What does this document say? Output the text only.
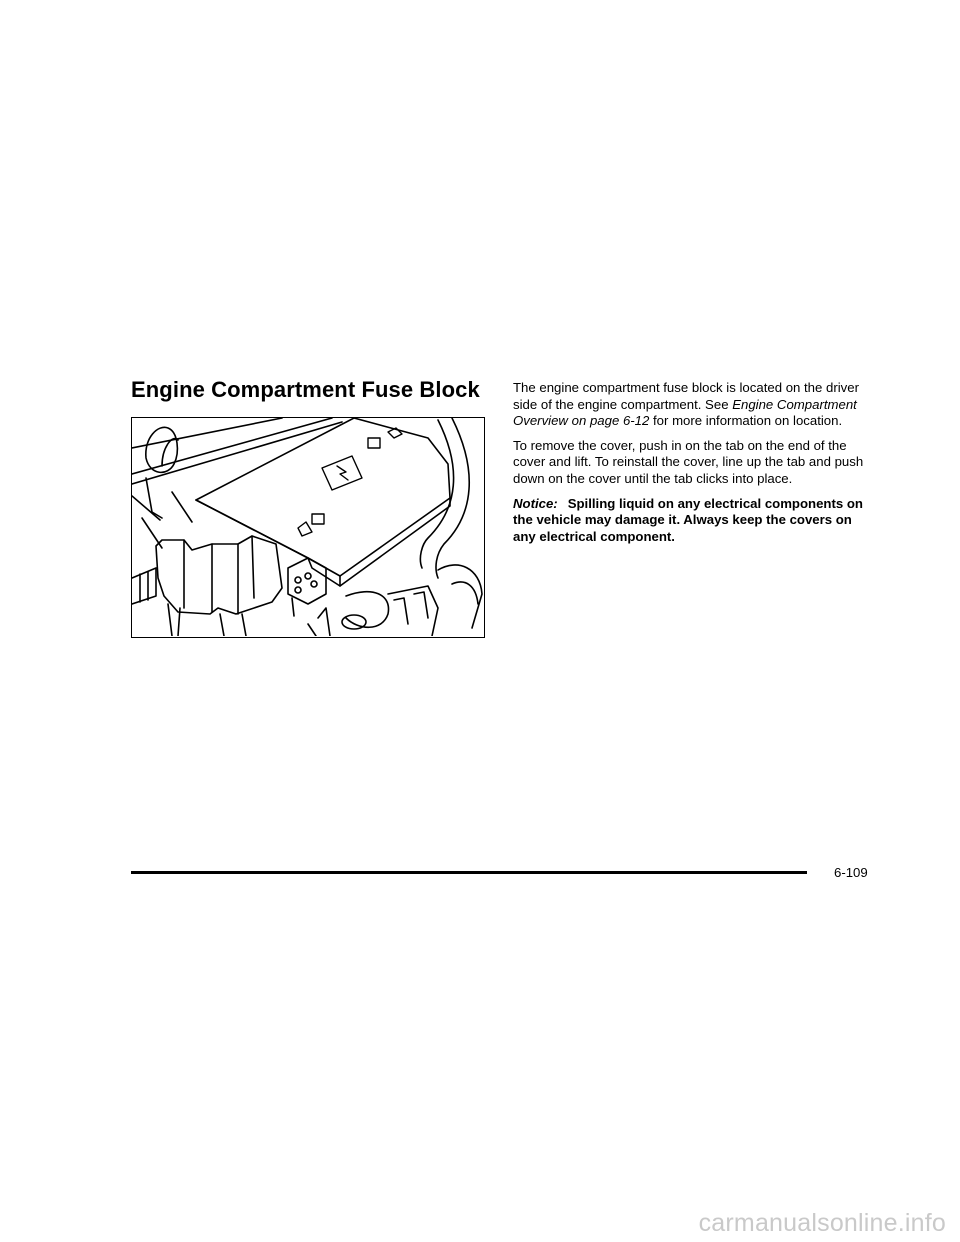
Engine Compartment Fuse Block	The engine compartment fuse block is located on the driver side of the engine compartment. See Engine Compartment Overview on page 6-12 for more information on location.

To remove the cover, push in on the tab on the end of the cover and lift. To reinstall the cover, line up the tab and push down on the cover until the tab clicks into place.

Notice: Spilling liquid on any electrical components on the vehicle may damage it. Always keep the covers on any electrical component.

6-109
carmanualsonline.info
